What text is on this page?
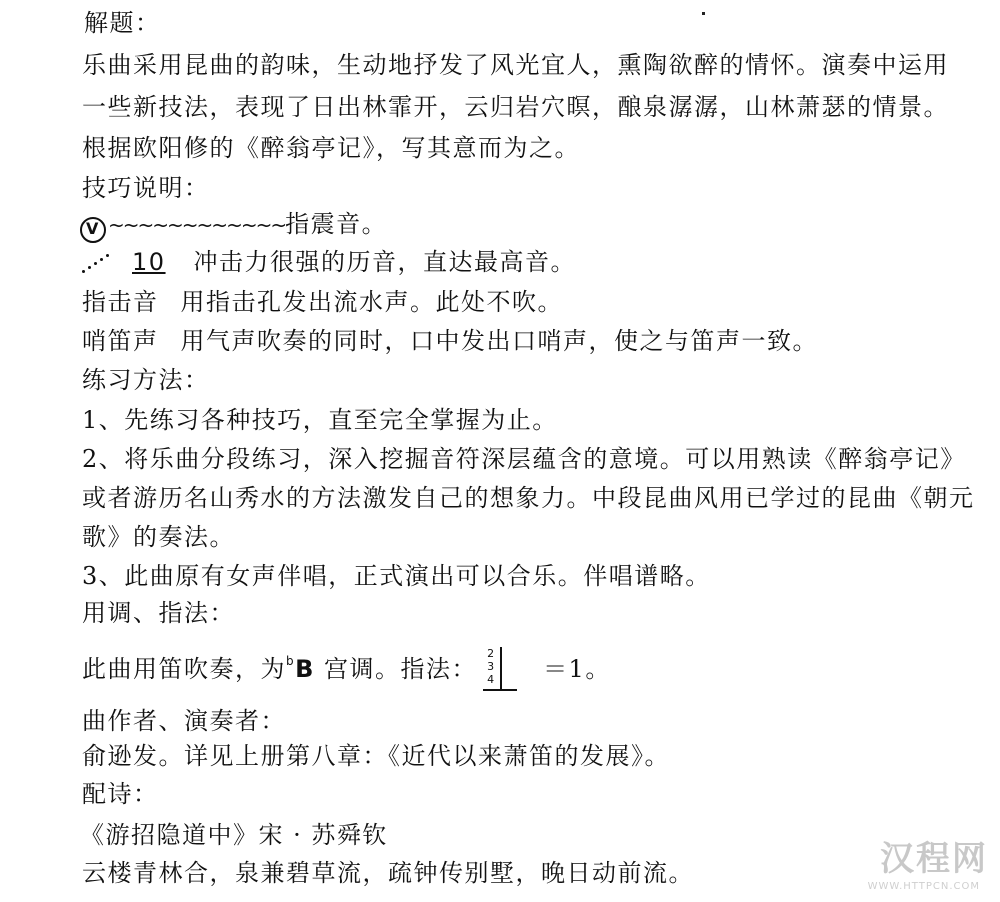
解题：
乐曲采用昆曲的韵味，生动地抒发了风光宜人，熏陶欲醉的情怀。演奏中运用
一些新技法，表现了日出林霏开，云归岩穴暝，酿泉潺潺，山林萧瑟的情景。
根据欧阳修的《醉翁亭记》，写其意而为之。
技巧说明：
V ~~~~~~~~~~~~指震音。
10 冲击力很强的历音，直达最高音。
指击音 用指击孔发出流水声。此处不吹。
哨笛声 用气声吹奏的同时，口中发出口哨声，使之与笛声一致。
练习方法：
1、先练习各种技巧，直至完全掌握为止。
2、将乐曲分段练习，深入挖掘音符深层蕴含的意境。可以用熟读《醉翁亭记》
或者游历名山秀水的方法激发自己的想象力。中段昆曲风用已学过的昆曲《朝元
歌》的奏法。
3、此曲原有女声伴唱，正式演出可以合乐。伴唱谱略。
用调、指法：
此曲用笛吹奏，为$^b$B 宫调。指法：
2
3
4 ＝1。
曲作者、演奏者：
俞逊发。详见上册第八章：《近代以来萧笛的发展》。
配诗：
《游招隐道中》宋 · 苏舜钦
云楼青林合，泉兼碧草流，疏钟传别墅，晚日动前流。	汉程网
WWW.HTTPCN.COM
